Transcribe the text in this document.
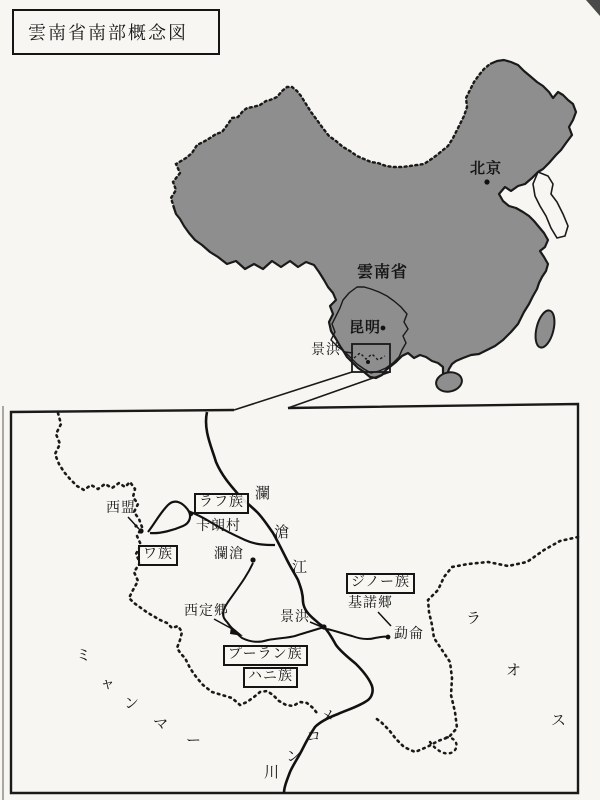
雲南省南部概念図
北京
雲南省
昆明
景洪
西盟
卡朗村
瀾滄
西定郷	景洪
基諾郷
勐侖
ラフ族
ワ族
ジノー族
プーラン族
ハニ族
瀾
滄
江
ラ
オ
ス
ミ
ャ
ン
マ
ー
メ
コ
ン
川
